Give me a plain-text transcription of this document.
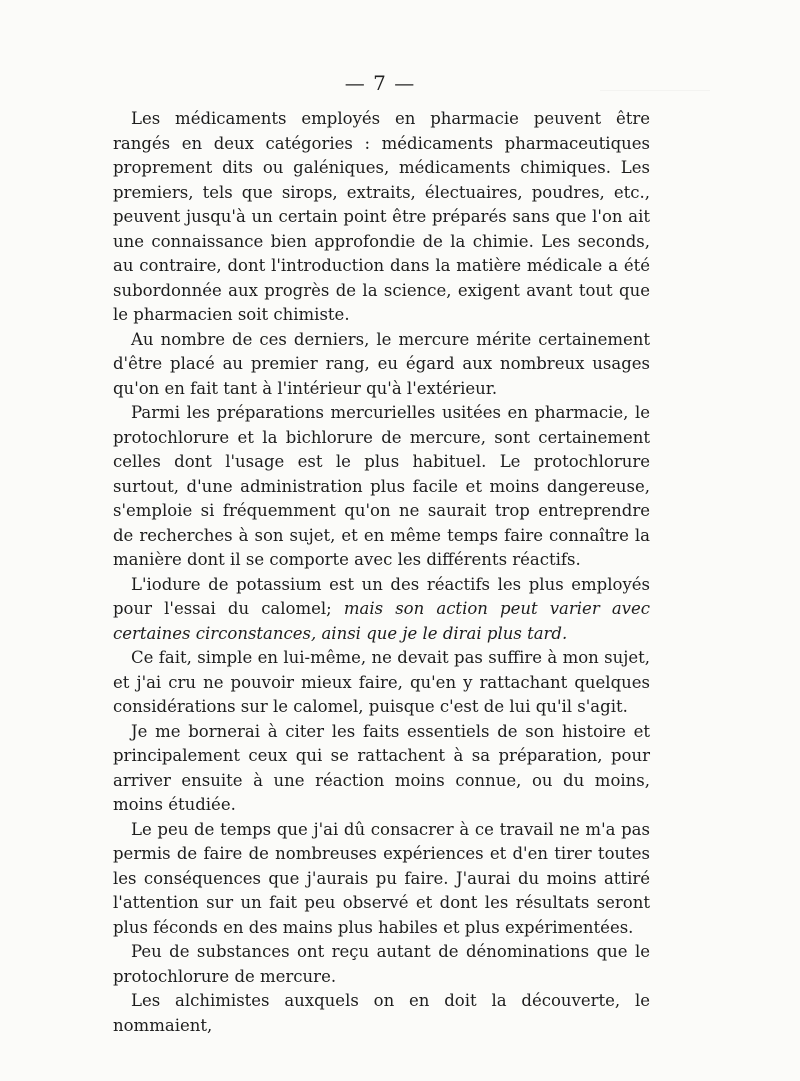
— 7 —

Les médicaments employés en pharmacie peuvent être rangés en deux catégories : médicaments pharmaceutiques proprement dits ou galéniques, médicaments chimiques. Les premiers, tels que sirops, extraits, électuaires, poudres, etc., peuvent jusqu'à un certain point être préparés sans que l'on ait une connaissance bien approfondie de la chimie. Les seconds, au contraire, dont l'introduction dans la matière médicale a été subordonnée aux progrès de la science, exigent avant tout que le pharmacien soit chimiste.

Au nombre de ces derniers, le mercure mérite certainement d'être placé au premier rang, eu égard aux nombreux usages qu'on en fait tant à l'intérieur qu'à l'extérieur.

Parmi les préparations mercurielles usitées en pharmacie, le protochlorure et la bichlorure de mercure, sont certainement celles dont l'usage est le plus habituel. Le protochlorure surtout, d'une administration plus facile et moins dangereuse, s'emploie si fréquemment qu'on ne saurait trop entreprendre de recherches à son sujet, et en même temps faire connaître la manière dont il se comporte avec les différents réactifs.

L'iodure de potassium est un des réactifs les plus employés pour l'essai du calomel; mais son action peut varier avec certaines circonstances, ainsi que je le dirai plus tard.

Ce fait, simple en lui-même, ne devait pas suffire à mon sujet, et j'ai cru ne pouvoir mieux faire, qu'en y rattachant quelques considérations sur le calomel, puisque c'est de lui qu'il s'agit.

Je me bornerai à citer les faits essentiels de son histoire et principalement ceux qui se rattachent à sa préparation, pour arriver ensuite à une réaction moins connue, ou du moins, moins étudiée.

Le peu de temps que j'ai dû consacrer à ce travail ne m'a pas permis de faire de nombreuses expériences et d'en tirer toutes les conséquences que j'aurais pu faire. J'aurai du moins attiré l'attention sur un fait peu observé et dont les résultats seront plus féconds en des mains plus habiles et plus expérimentées.

Peu de substances ont reçu autant de dénominations que le protochlorure de mercure.

Les alchimistes auxquels on en doit la découverte, le nommaient,
